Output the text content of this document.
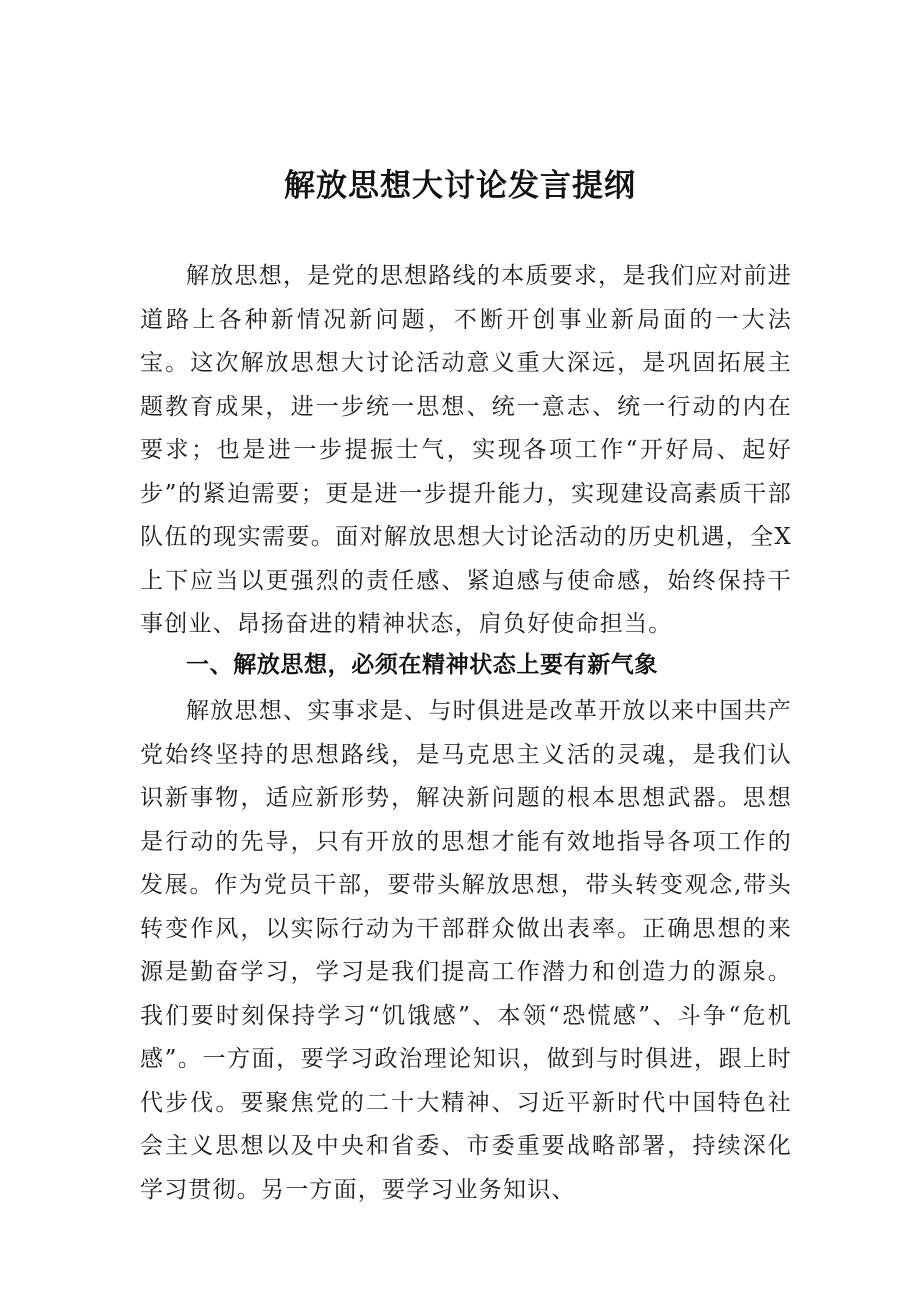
解放思想大讨论发言提纲

解放思想，是党的思想路线的本质要求，是我们应对前进道路上各种新情况新问题，不断开创事业新局面的一大法宝。这次解放思想大讨论活动意义重大深远，是巩固拓展主题教育成果，进一步统一思想、统一意志、统一行动的内在要求；也是进一步提振士气，实现各项工作“开好局、起好步”的紧迫需要；更是进一步提升能力，实现建设高素质干部队伍的现实需要。面对解放思想大讨论活动的历史机遇，全X上下应当以更强烈的责任感、紧迫感与使命感，始终保持干事创业、昂扬奋进的精神状态，肩负好使命担当。

一、解放思想，必须在精神状态上要有新气象

解放思想、实事求是、与时俱进是改革开放以来中国共产党始终坚持的思想路线，是马克思主义活的灵魂，是我们认识新事物，适应新形势，解决新问题的根本思想武器。思想是行动的先导，只有开放的思想才能有效地指导各项工作的发展。作为党员干部，要带头解放思想，带头转变观念,带头转变作风，以实际行动为干部群众做出表率。正确思想的来源是勤奋学习，学习是我们提高工作潜力和创造力的源泉。我们要时刻保持学习“饥饿感”、本领“恐慌感”、斗争“危机感”。一方面，要学习政治理论知识，做到与时俱进，跟上时代步伐。要聚焦党的二十大精神、习近平新时代中国特色社会主义思想以及中央和省委、市委重要战略部署，持续深化学习贯彻。另一方面，要学习业务知识、
